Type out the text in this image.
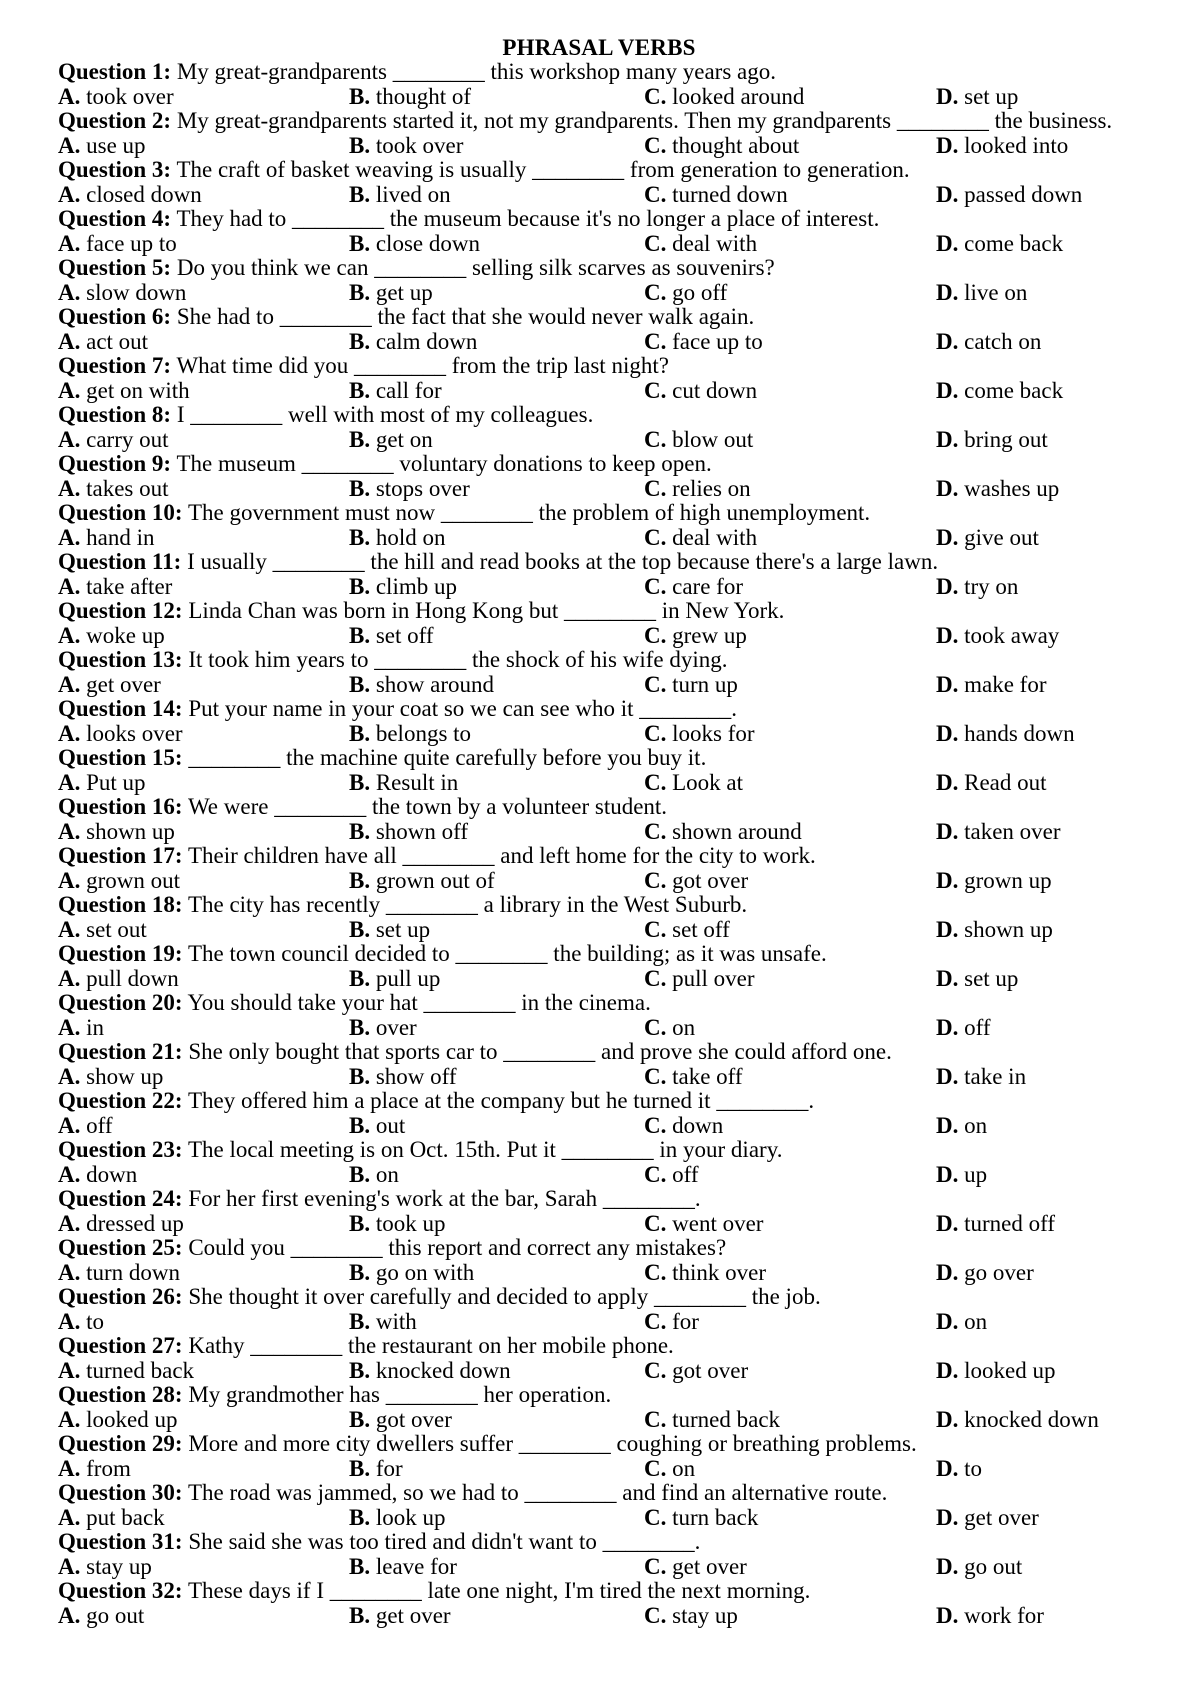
PHRASAL VERBS
Question 1: My great-grandparents ________ this workshop many years ago.
A. took over	B. thought of	C. looked around	D. set up
Question 2: My great-grandparents started it, not my grandparents. Then my grandparents ________ the business.
A. use up	B. took over	C. thought about	D. looked into
Question 3: The craft of basket weaving is usually ________ from generation to generation.
A. closed down	B. lived on	C. turned down	D. passed down
Question 4: They had to ________ the museum because it's no longer a place of interest.
A. face up to	B. close down	C. deal with	D. come back
Question 5: Do you think we can ________ selling silk scarves as souvenirs?
A. slow down	B. get up	C. go off	D. live on
Question 6: She had to ________ the fact that she would never walk again.
A. act out	B. calm down	C. face up to	D. catch on
Question 7: What time did you ________ from the trip last night?
A. get on with	B. call for	C. cut down	D. come back
Question 8: I ________ well with most of my colleagues.
A. carry out	B. get on	C. blow out	D. bring out
Question 9: The museum ________ voluntary donations to keep open.
A. takes out	B. stops over	C. relies on	D. washes up
Question 10: The government must now ________ the problem of high unemployment.
A. hand in	B. hold on	C. deal with	D. give out
Question 11: I usually ________ the hill and read books at the top because there's a large lawn.
A. take after	B. climb up	C. care for	D. try on
Question 12: Linda Chan was born in Hong Kong but ________ in New York.
A. woke up	B. set off	C. grew up	D. took away
Question 13: It took him years to ________ the shock of his wife dying.
A. get over	B. show around	C. turn up	D. make for
Question 14: Put your name in your coat so we can see who it ________.
A. looks over	B. belongs to	C. looks for	D. hands down
Question 15: ________ the machine quite carefully before you buy it.
A. Put up	B. Result in	C. Look at	D. Read out
Question 16: We were ________ the town by a volunteer student.
A. shown up	B. shown off	C. shown around	D. taken over
Question 17: Their children have all ________ and left home for the city to work.
A. grown out	B. grown out of	C. got over	D. grown up
Question 18: The city has recently ________ a library in the West Suburb.
A. set out	B. set up	C. set off	D. shown up
Question 19: The town council decided to ________ the building; as it was unsafe.
A. pull down	B. pull up	C. pull over	D. set up
Question 20: You should take your hat ________ in the cinema.
A. in	B. over	C. on	D. off
Question 21: She only bought that sports car to ________ and prove she could afford one.
A. show up	B. show off	C. take off	D. take in
Question 22: They offered him a place at the company but he turned it ________.
A. off	B. out	C. down	D. on
Question 23: The local meeting is on Oct. 15th. Put it ________ in your diary.
A. down	B. on	C. off	D. up
Question 24: For her first evening's work at the bar, Sarah ________.
A. dressed up	B. took up	C. went over	D. turned off
Question 25: Could you ________ this report and correct any mistakes?
A. turn down	B. go on with	C. think over	D. go over
Question 26: She thought it over carefully and decided to apply ________ the job.
A. to	B. with	C. for	D. on
Question 27: Kathy ________ the restaurant on her mobile phone.
A. turned back	B. knocked down	C. got over	D. looked up
Question 28: My grandmother has ________ her operation.
A. looked up	B. got over	C. turned back	D. knocked down
Question 29: More and more city dwellers suffer ________ coughing or breathing problems.
A. from	B. for	C. on	D. to
Question 30: The road was jammed, so we had to ________ and find an alternative route.
A. put back	B. look up	C. turn back	D. get over
Question 31: She said she was too tired and didn't want to ________.
A. stay up	B. leave for	C. get over	D. go out
Question 32: These days if I ________ late one night, I'm tired the next morning.
A. go out	B. get over	C. stay up	D. work for
